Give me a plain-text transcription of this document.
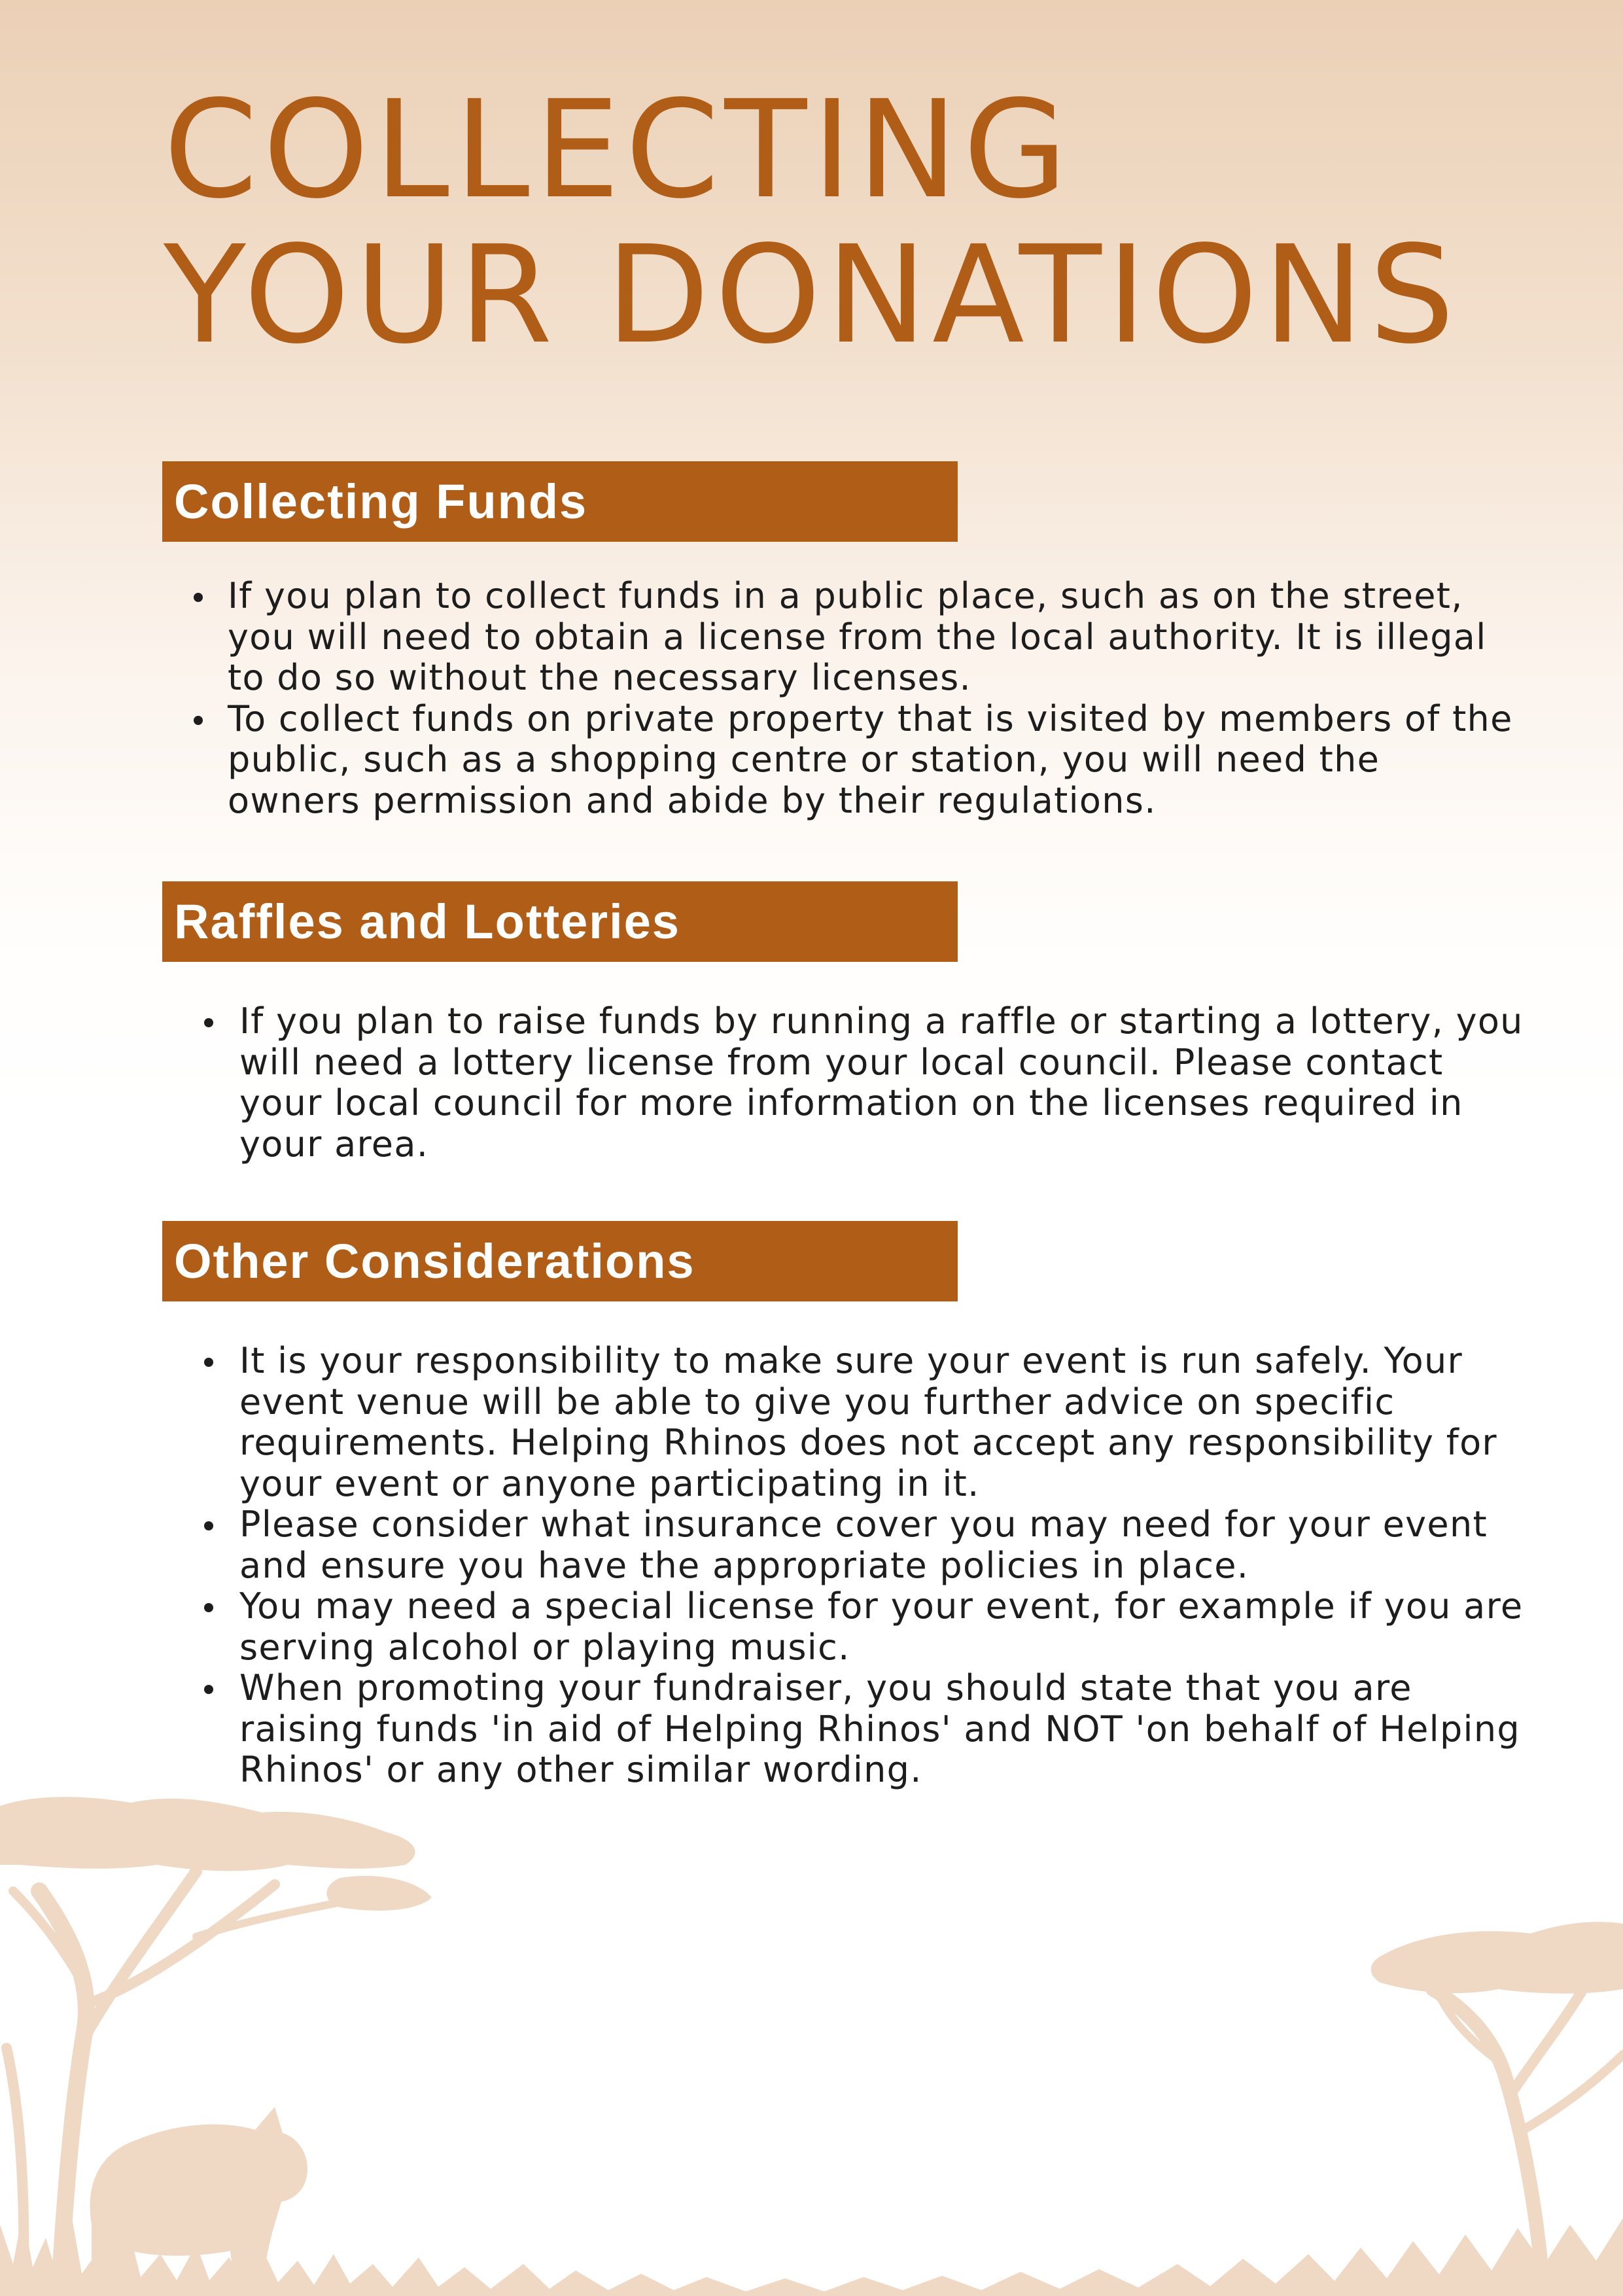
COLLECTING
YOUR DONATIONS
Collecting Funds
If you plan to collect funds in a public place, such as on the street,
you will need to obtain a license from the local authority. It is illegal
to do so without the necessary licenses.
To collect funds on private property that is visited by members of the
public, such as a shopping centre or station, you will need the
owners permission and abide by their regulations.
Raffles and Lotteries
If you plan to raise funds by running a raffle or starting a lottery, you
will need a lottery license from your local council. Please contact
your local council for more information on the licenses required in
your area.
Other Considerations
It is your responsibility to make sure your event is run safely. Your
event venue will be able to give you further advice on specific
requirements. Helping Rhinos does not accept any responsibility for
your event or anyone participating in it.
Please consider what insurance cover you may need for your event
and ensure you have the appropriate policies in place.
You may need a special license for your event, for example if you are
serving alcohol or playing music.
When promoting your fundraiser, you should state that you are
raising funds 'in aid of Helping Rhinos' and NOT 'on behalf of Helping
Rhinos' or any other similar wording.
